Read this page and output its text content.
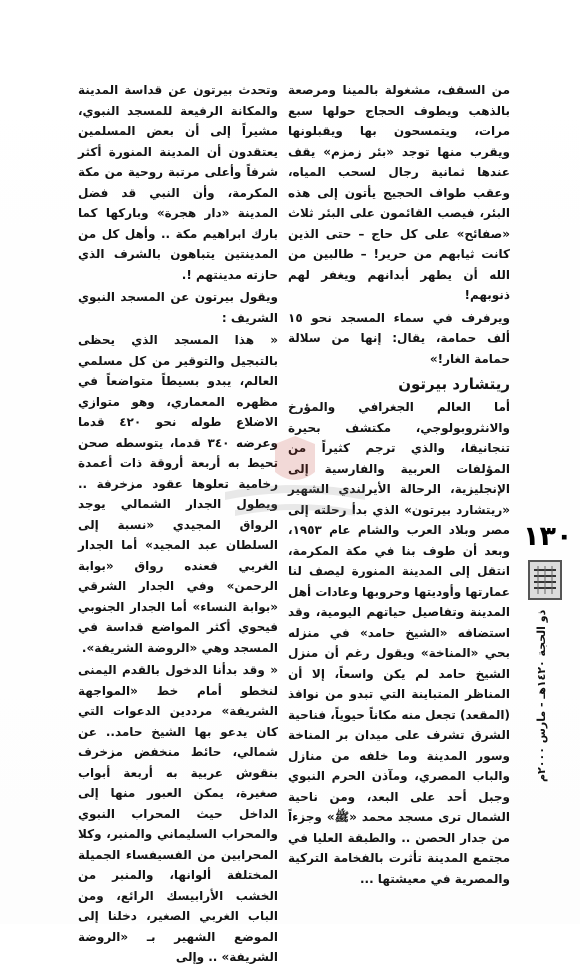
من السقف، مشغولة بالمينا ومرصعة بالذهب ويطوف الحجاج حولها سبع مرات، ويتمسحون بها ويقبلونها ويقرب منها توجد «بئر زمزم» يقف عندها ثمانية رجال لسحب المياه، وعقب طواف الحجيج يأتون إلى هذه البئر، فيصب القائمون على البئر ثلاث «صفائح» على كل حاج – حتى الذين كانت ثيابهم من حرير! – طالبين من الله أن يطهر أبدانهم ويغفر لهم ذنوبهم!

ويرفرف في سماء المسجد نحو ١٥ ألف حمامة، يقال: إنها من سلالة حمامة الغار!»

ريتشارد بيرتون

أما العالم الجغرافي والمؤرخ والانثروبولوجي، مكتشف بحيرة تنجانيقا، والذي ترجم كثيراً من المؤلفات العربية والفارسية إلى الإنجليزية، الرحالة الأيرلندي الشهير «ريتشارد بيرتون» الذي بدأ رحلته إلى مصر وبلاد العرب والشام عام ١٩٥٣، وبعد أن طوف بنا في مكة المكرمة، انتقل إلى المدينة المنورة ليصف لنا عمارتها وأوديتها وحروبها وعادات أهل المدينة وتفاصيل حياتهم اليومية، وقد استضافه «الشيخ حامد» في منزله بحي «المناخة» ويقول رغم أن منزل الشيخ حامد لم يكن واسعاً، إلا أن المناظر المتباينة التي تبدو من نوافذ (المقعد) تجعل منه مكاناً حيوياً، فناحية الشرق تشرف على ميدان بر المناخة وسور المدينة وما خلفه من منازل والباب المصري، ومآذن الحرم النبوي وجبل أحد على البعد، ومن ناحية الشمال ترى مسجد محمد «ﷺ» وجزءاً من جدار الحصن .. والطبقة العليا في مجتمع المدينة تأثرت بالفخامة التركية والمصرية في معيشتها ...

وتحدث بيرتون عن قداسة المدينة والمكانة الرفيعة للمسجد النبوي، مشيراً إلى أن بعض المسلمين يعتقدون أن المدينة المنورة أكثر شرفاً وأعلى مرتبة روحية من مكة المكرمة، وأن النبي قد فضل المدينة «دار هجرة» وباركها كما بارك ابراهيم مكة .. وأهل كل من المدينتين يتباهون بالشرف الذي حازته مدينتهم !.

ويقول بيرتون عن المسجد النبوي الشريف :

« هذا المسجد الذي يحظى بالتبجيل والتوقير من كل مسلمي العالم، يبدو بسيطاً متواضعاً في مظهره المعماري، وهو متوازي الاضلاع طوله نحو ٤٢٠ قدما وعرضه ٣٤٠ قدما، يتوسطه صحن تحيط به أربعة أروقة ذات أعمدة رخامية تعلوها عقود مزخرفة .. ويطول الجدار الشمالي يوجد الرواق المجيدي «نسبة إلى السلطان عبد المجيد» أما الجدار الغربي فعنده رواق «بوابة الرحمن» وفي الجدار الشرقي «بوابة النساء» أما الجدار الجنوبي فيحوي أكثر المواضع قداسة في المسجد وهي «الروضة الشريفة».

« وقد بدأنا الدخول بالقدم اليمنى لنخطو أمام خط «المواجهة الشريفة» مرددين الدعوات التي كان يدعو بها الشيخ حامد.. عن شمالي، حائط منخفض مزخرف بنقوش عربية به أربعة أبواب صغيرة، يمكن العبور منها إلى الداخل حيث المحراب النبوي والمحراب السليماني والمنبر، وكلا المحرابين من الفسيفساء الجميلة المختلفة ألوانها، والمنبر من الخشب الأرابيسك الرائع، ومن الباب الغربي الصغير، دخلنا إلى الموضع الشهير بـ «الروضة الشريفة» .. وإلى

١٣٠
ذو الحجة ١٤٢٠هـ - مارس ٢٠٠٠م
